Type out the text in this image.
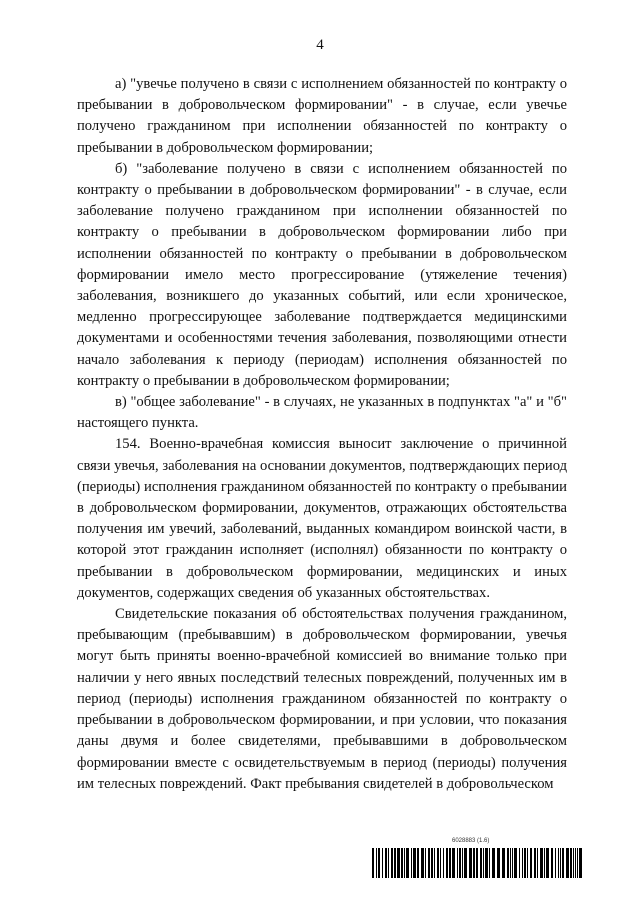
4

а) "увечье получено в связи с исполнением обязанностей по контракту о пребывании в добровольческом формировании" - в случае, если увечье получено гражданином при исполнении обязанностей по контракту о пребывании в добровольческом формировании;

б) "заболевание получено в связи с исполнением обязанностей по контракту о пребывании в добровольческом формировании" - в случае, если заболевание получено гражданином при исполнении обязанностей по контракту о пребывании в добровольческом формировании либо при исполнении обязанностей по контракту о пребывании в добровольческом формировании имело место прогрессирование (утяжеление течения) заболевания, возникшего до указанных событий, или если хроническое, медленно прогрессирующее заболевание подтверждается медицинскими документами и особенностями течения заболевания, позволяющими отнести начало заболевания к периоду (периодам) исполнения обязанностей по контракту о пребывании в добровольческом формировании;

в) "общее заболевание" - в случаях, не указанных в подпунктах "а" и "б" настоящего пункта.

154. Военно-врачебная комиссия выносит заключение о причинной связи увечья, заболевания на основании документов, подтверждающих период (периоды) исполнения гражданином обязанностей по контракту о пребывании в добровольческом формировании, документов, отражающих обстоятельства получения им увечий, заболеваний, выданных командиром воинской части, в которой этот гражданин исполняет (исполнял) обязанности по контракту о пребывании в добровольческом формировании, медицинских и иных документов, содержащих сведения об указанных обстоятельствах.

Свидетельские показания об обстоятельствах получения гражданином, пребывающим (пребывавшим) в добровольческом формировании, увечья могут быть приняты военно-врачебной комиссией во внимание только при наличии у него явных последствий телесных повреждений, полученных им в период (периоды) исполнения гражданином обязанностей по контракту о пребывании в добровольческом формировании, и при условии, что показания даны двумя и более свидетелями, пребывавшими в добровольческом формировании вместе с освидетельствуемым в период (периоды) получения им телесных повреждений. Факт пребывания свидетелей в добровольческом

6028883 (1.6)
